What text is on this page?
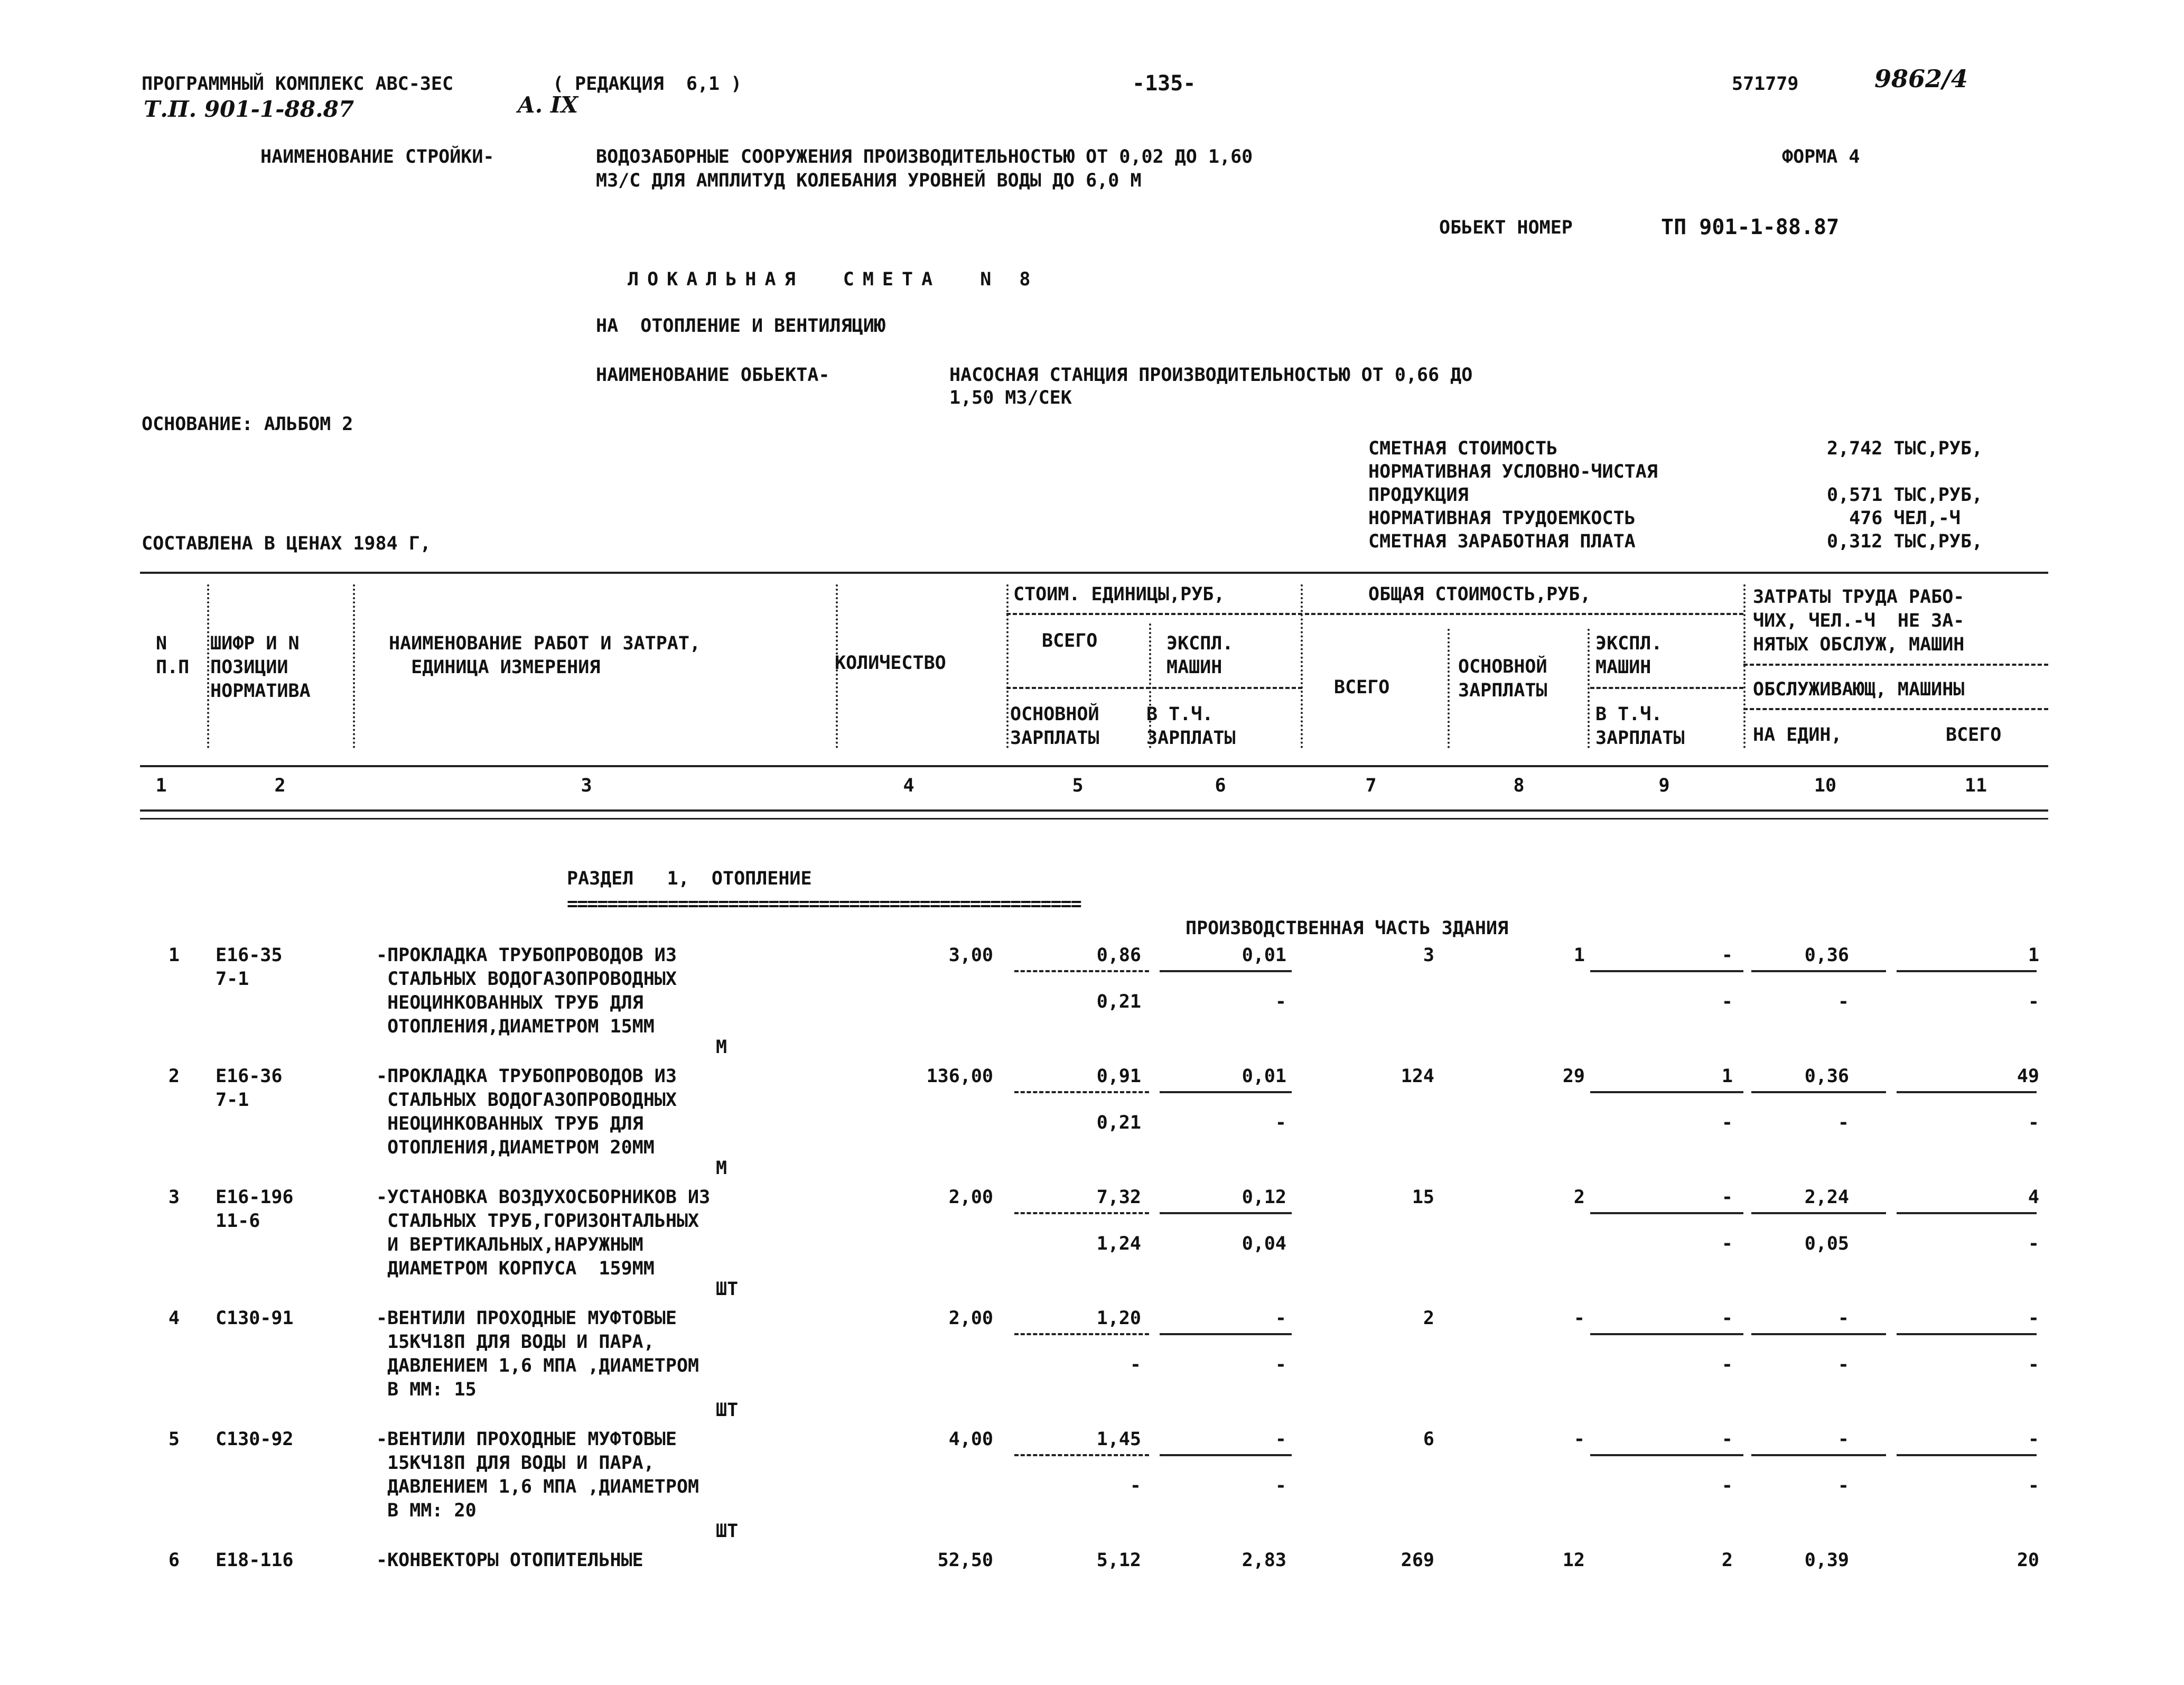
ПРОГРАММНЫЙ КОМПЛЕКС АВС-ЗЕС	( РЕДАКЦИЯ  6,1 )	-135-	571779	9862/4
Т.П. 901-1-88.87	A. IX
НАИМЕНОВАНИЕ СТРОЙКИ-	ВОДОЗАБОРНЫЕ СООРУЖЕНИЯ ПРОИЗВОДИТЕЛЬНОСТЬЮ ОТ 0,02 ДО 1,60
М3/С ДЛЯ АМПЛИТУД КОЛЕБАНИЯ УРОВНЕЙ ВОДЫ ДО 6,0 М
ФОРМА 4
ОБЬЕКТ НОМЕР	ТП 901-1-88.87
ЛОКАЛЬНАЯ  СМЕТА  N 8
НА  ОТОПЛЕНИЕ И ВЕНТИЛЯЦИЮ
НАИМЕНОВАНИЕ ОБЬЕКТА-	НАСОСНАЯ СТАНЦИЯ ПРОИЗВОДИТЕЛЬНОСТЬЮ ОТ 0,66 ДО
1,50 М3/СЕК
ОСНОВАНИЕ: АЛЬБОМ 2
СМЕТНАЯ СТОИМОСТЬ	2,742 ТЫС,РУБ,
НОРМАТИВНАЯ УСЛОВНО-ЧИСТАЯ
ПРОДУКЦИЯ	0,571 ТЫС,РУБ,
НОРМАТИВНАЯ ТРУДОЕМКОСТЬ	476 ЧЕЛ,-Ч
СМЕТНАЯ ЗАРАБОТНАЯ ПЛАТА	0,312 ТЫС,РУБ,
СОСТАВЛЕНА В ЦЕНАХ 1984 Г,
N
П.П
ШИФР И N
ПОЗИЦИИ
НОРМАТИВА
НАИМЕНОВАНИЕ РАБОТ И ЗАТРАТ,
ЕДИНИЦА ИЗМЕРЕНИЯ	КОЛИЧЕСТВО
СТОИМ. ЕДИНИЦЫ,РУБ,
ВСЕГО	ЭКСПЛ.
МАШИН
ОСНОВНОЙ
ЗАРПЛАТЫ
В Т.Ч.
ЗАРПЛАТЫ
ОБЩАЯ СТОИМОСТЬ,РУБ,
ВСЕГО
ОСНОВНОЙ
ЗАРПЛАТЫ
ЭКСПЛ.
МАШИН
В Т.Ч.
ЗАРПЛАТЫ
ЗАТРАТЫ ТРУДА РАБО-
ЧИХ, ЧЕЛ.-Ч  НЕ ЗА-
НЯТЫХ ОБСЛУЖ, МАШИН
ОБСЛУЖИВАЮЩ, МАШИНЫ
НА ЕДИН,	ВСЕГО
1	2	3	4	5	6	7	8	9	10	11
РАЗДЕЛ   1,  ОТОПЛЕНИЕ
===================================================
ПРОИЗВОДСТВЕННАЯ ЧАСТЬ ЗДАНИЯ
1 Е16-35
7-1
-ПРОКЛАДКА ТРУБОПРОВОДОВ ИЗ
СТАЛЬНЫХ ВОДОГАЗОПРОВОДНЫХ
НЕОЦИНКОВАННЫХ ТРУБ ДЛЯ
ОТОПЛЕНИЯ,ДИАМЕТРОМ 15ММ
М
3,00	0,86	0,01	3	1	-	0,36	1
0,21	-	-	-	-
2 Е16-36
7-1
-ПРОКЛАДКА ТРУБОПРОВОДОВ ИЗ
СТАЛЬНЫХ ВОДОГАЗОПРОВОДНЫХ
НЕОЦИНКОВАННЫХ ТРУБ ДЛЯ
ОТОПЛЕНИЯ,ДИАМЕТРОМ 20ММ
М
136,00	0,91	0,01	124	29	1	0,36	49
0,21	-	-	-	-
3 Е16-196
11-6
-УСТАНОВКА ВОЗДУХОСБОРНИКОВ ИЗ
СТАЛЬНЫХ ТРУБ,ГОРИЗОНТАЛЬНЫХ
И ВЕРТИКАЛЬНЫХ,НАРУЖНЫМ
ДИАМЕТРОМ КОРПУСА  159ММ
ШТ
2,00	7,32	0,12	15	2	-	2,24	4
1,24	0,04	-	0,05	-
4 С130-91	-ВЕНТИЛИ ПРОХОДНЫЕ МУФТОВЫЕ
15КЧ18П ДЛЯ ВОДЫ И ПАРА,
ДАВЛЕНИЕМ 1,6 МПА ,ДИАМЕТРОМ
В ММ: 15
ШТ
2,00	1,20	-	2	-	-	-	-
-	-	-	-	-
5 С130-92	-ВЕНТИЛИ ПРОХОДНЫЕ МУФТОВЫЕ
15КЧ18П ДЛЯ ВОДЫ И ПАРА,
ДАВЛЕНИЕМ 1,6 МПА ,ДИАМЕТРОМ
В ММ: 20
ШТ
4,00	1,45	-	6	-	-	-	-
-	-	-	-	-
6 Е18-116	-КОНВЕКТОРЫ ОТОПИТЕЛЬНЫЕ	52,50	5,12	2,83	269	12	2	0,39	20
